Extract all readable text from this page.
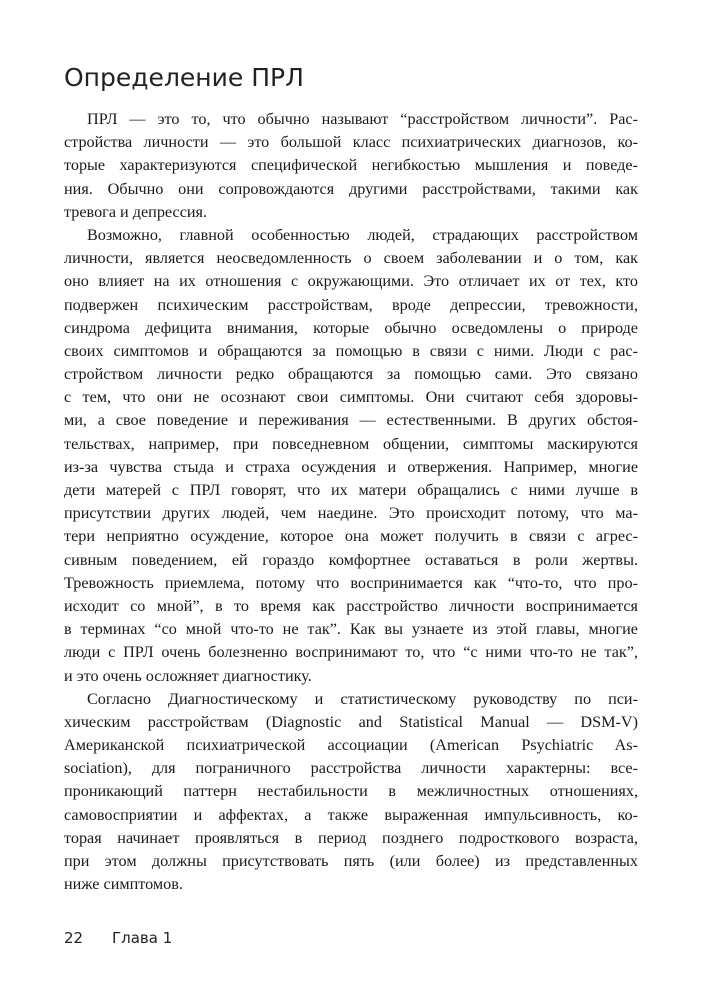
Определение ПРЛ

ПРЛ — это то, что обычно называют “расстройством личности”. Рас-
стройства личности — это большой класс психиатрических диагнозов, ко-
торые характеризуются специфической негибкостью мышления и поведе-
ния. Обычно они сопровождаются другими расстройствами, такими как
тревога и депрессия.

Возможно, главной особенностью людей, страдающих расстройством
личности, является неосведомленность о своем заболевании и о том, как
оно влияет на их отношения с окружающими. Это отличает их от тех, кто
подвержен психическим расстройствам, вроде депрессии, тревожности,
синдрома дефицита внимания, которые обычно осведомлены о природе
своих симптомов и обращаются за помощью в связи с ними. Люди с рас-
стройством личности редко обращаются за помощью сами. Это связано
с тем, что они не осознают свои симптомы. Они считают себя здоровы-
ми, а свое поведение и переживания — естественными. В других обстоя-
тельствах, например, при повседневном общении, симптомы маскируются
из-за чувства стыда и страха осуждения и отвержения. Например, многие
дети матерей с ПРЛ говорят, что их матери обращались с ними лучше в
присутствии других людей, чем наедине. Это происходит потому, что ма-
тери неприятно осуждение, которое она может получить в связи с агрес-
сивным поведением, ей гораздо комфортнее оставаться в роли жертвы.
Тревожность приемлема, потому что воспринимается как “что-то, что про-
исходит со мной”, в то время как расстройство личности воспринимается
в терминах “со мной что-то не так”. Как вы узнаете из этой главы, многие
люди с ПРЛ очень болезненно воспринимают то, что “с ними что-то не так”,
и это очень осложняет диагностику.

Согласно Диагностическому и статистическому руководству по пси-
хическим расстройствам (Diagnostic and Statistical Manual — DSM-V)
Американской психиатрической ассоциации (American Psychiatric As-
sociation), для пограничного расстройства личности характерны: все-
проникающий паттерн нестабильности в межличностных отношениях,
самовосприятии и аффектах, а также выраженная импульсивность, ко-
торая начинает проявляться в период позднего подросткового возраста,
при этом должны присутствовать пять (или более) из представленных
ниже симптомов.

22 Глава 1
